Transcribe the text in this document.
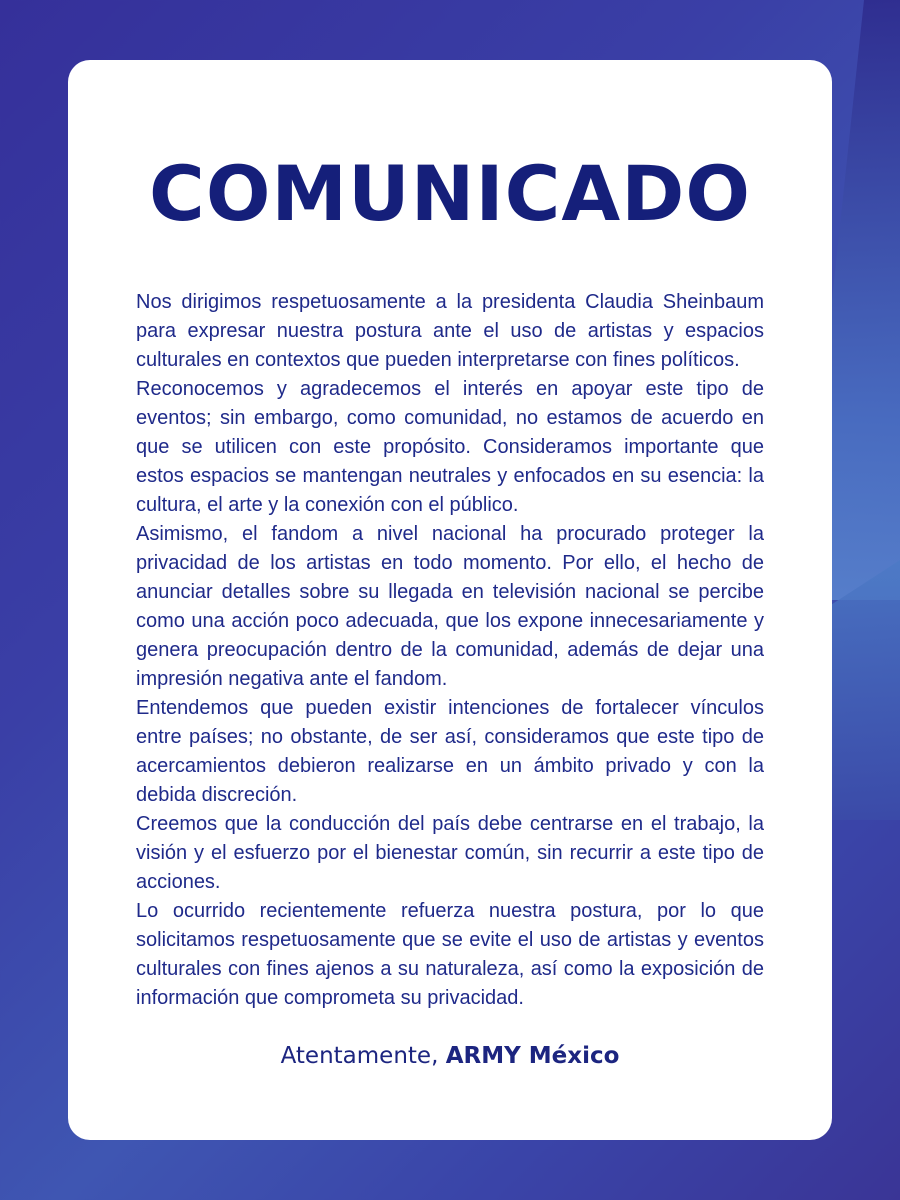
COMUNICADO

Nos dirigimos respetuosamente a la presidenta Claudia Sheinbaum para expresar nuestra postura ante el uso de artistas y espacios culturales en contextos que pueden interpretarse con fines políticos.

Reconocemos y agradecemos el interés en apoyar este tipo de eventos; sin embargo, como comunidad, no estamos de acuerdo en que se utilicen con este propósito. Consideramos importante que estos espacios se mantengan neutrales y enfocados en su esencia: la cultura, el arte y la conexión con el público.

Asimismo, el fandom a nivel nacional ha procurado proteger la privacidad de los artistas en todo momento. Por ello, el hecho de anunciar detalles sobre su llegada en televisión nacional se percibe como una acción poco adecuada, que los expone innecesariamente y genera preocupación dentro de la comunidad, además de dejar una impresión negativa ante el fandom.

Entendemos que pueden existir intenciones de fortalecer vínculos entre países; no obstante, de ser así, consideramos que este tipo de acercamientos debieron realizarse en un ámbito privado y con la debida discreción.

Creemos que la conducción del país debe centrarse en el trabajo, la visión y el esfuerzo por el bienestar común, sin recurrir a este tipo de acciones.

Lo ocurrido recientemente refuerza nuestra postura, por lo que solicitamos respetuosamente que se evite el uso de artistas y eventos culturales con fines ajenos a su naturaleza, así como la exposición de información que comprometa su privacidad.

Atentamente, ARMY México
